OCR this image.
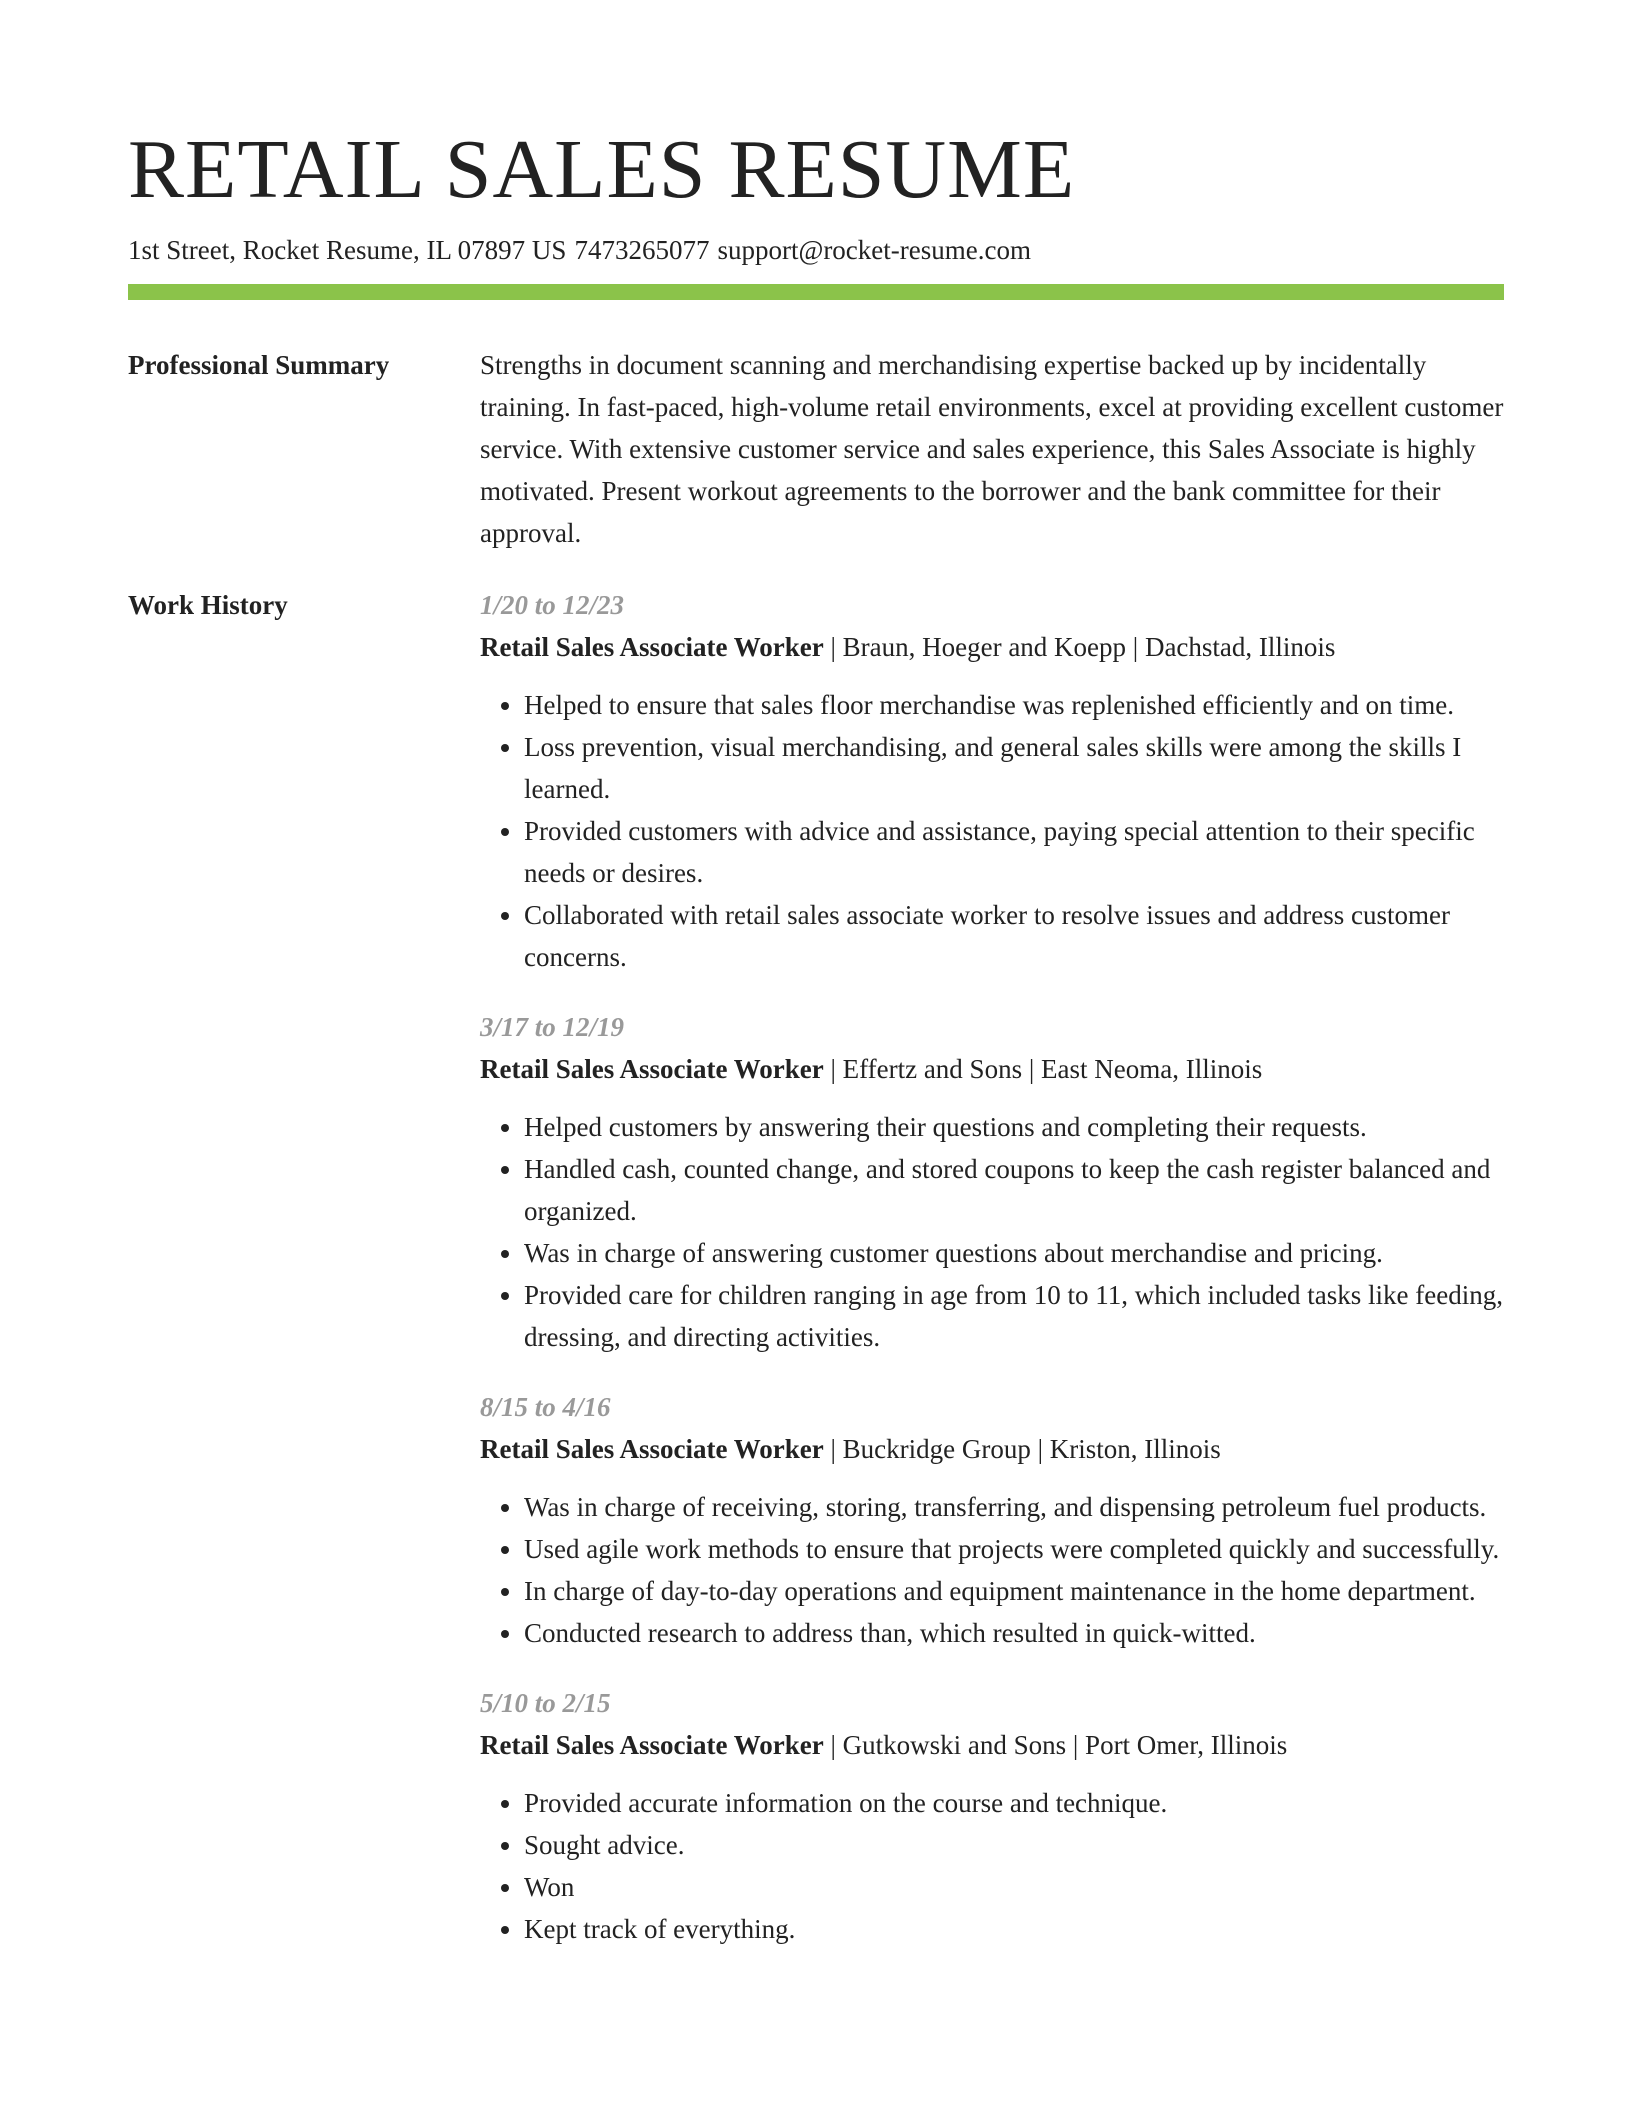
RETAIL SALES RESUME
1st Street, Rocket Resume, IL 07897 US 7473265077 support@rocket-resume.com
Professional Summary	Strengths in document scanning and merchandising expertise backed up by incidentally training. In fast-paced, high-volume retail environments, excel at providing excellent customer service. With extensive customer service and sales experience, this Sales Associate is highly motivated. Present workout agreements to the borrower and the bank committee for their approval.

Work History	1/20 to 12/23
Retail Sales Associate Worker | Braun, Hoeger and Koepp | Dachstad, Illinois
• Helped to ensure that sales floor merchandise was replenished efficiently and on time.
• Loss prevention, visual merchandising, and general sales skills were among the skills I learned.
• Provided customers with advice and assistance, paying special attention to their specific needs or desires.
• Collaborated with retail sales associate worker to resolve issues and address customer concerns.
3/17 to 12/19
Retail Sales Associate Worker | Effertz and Sons | East Neoma, Illinois
• Helped customers by answering their questions and completing their requests.
• Handled cash, counted change, and stored coupons to keep the cash register balanced and organized.
• Was in charge of answering customer questions about merchandise and pricing.
• Provided care for children ranging in age from 10 to 11, which included tasks like feeding, dressing, and directing activities.
8/15 to 4/16
Retail Sales Associate Worker | Buckridge Group | Kriston, Illinois
• Was in charge of receiving, storing, transferring, and dispensing petroleum fuel products.
• Used agile work methods to ensure that projects were completed quickly and successfully.
• In charge of day-to-day operations and equipment maintenance in the home department.
• Conducted research to address than, which resulted in quick-witted.
5/10 to 2/15
Retail Sales Associate Worker | Gutkowski and Sons | Port Omer, Illinois
• Provided accurate information on the course and technique.
• Sought advice.
• Won
• Kept track of everything.
